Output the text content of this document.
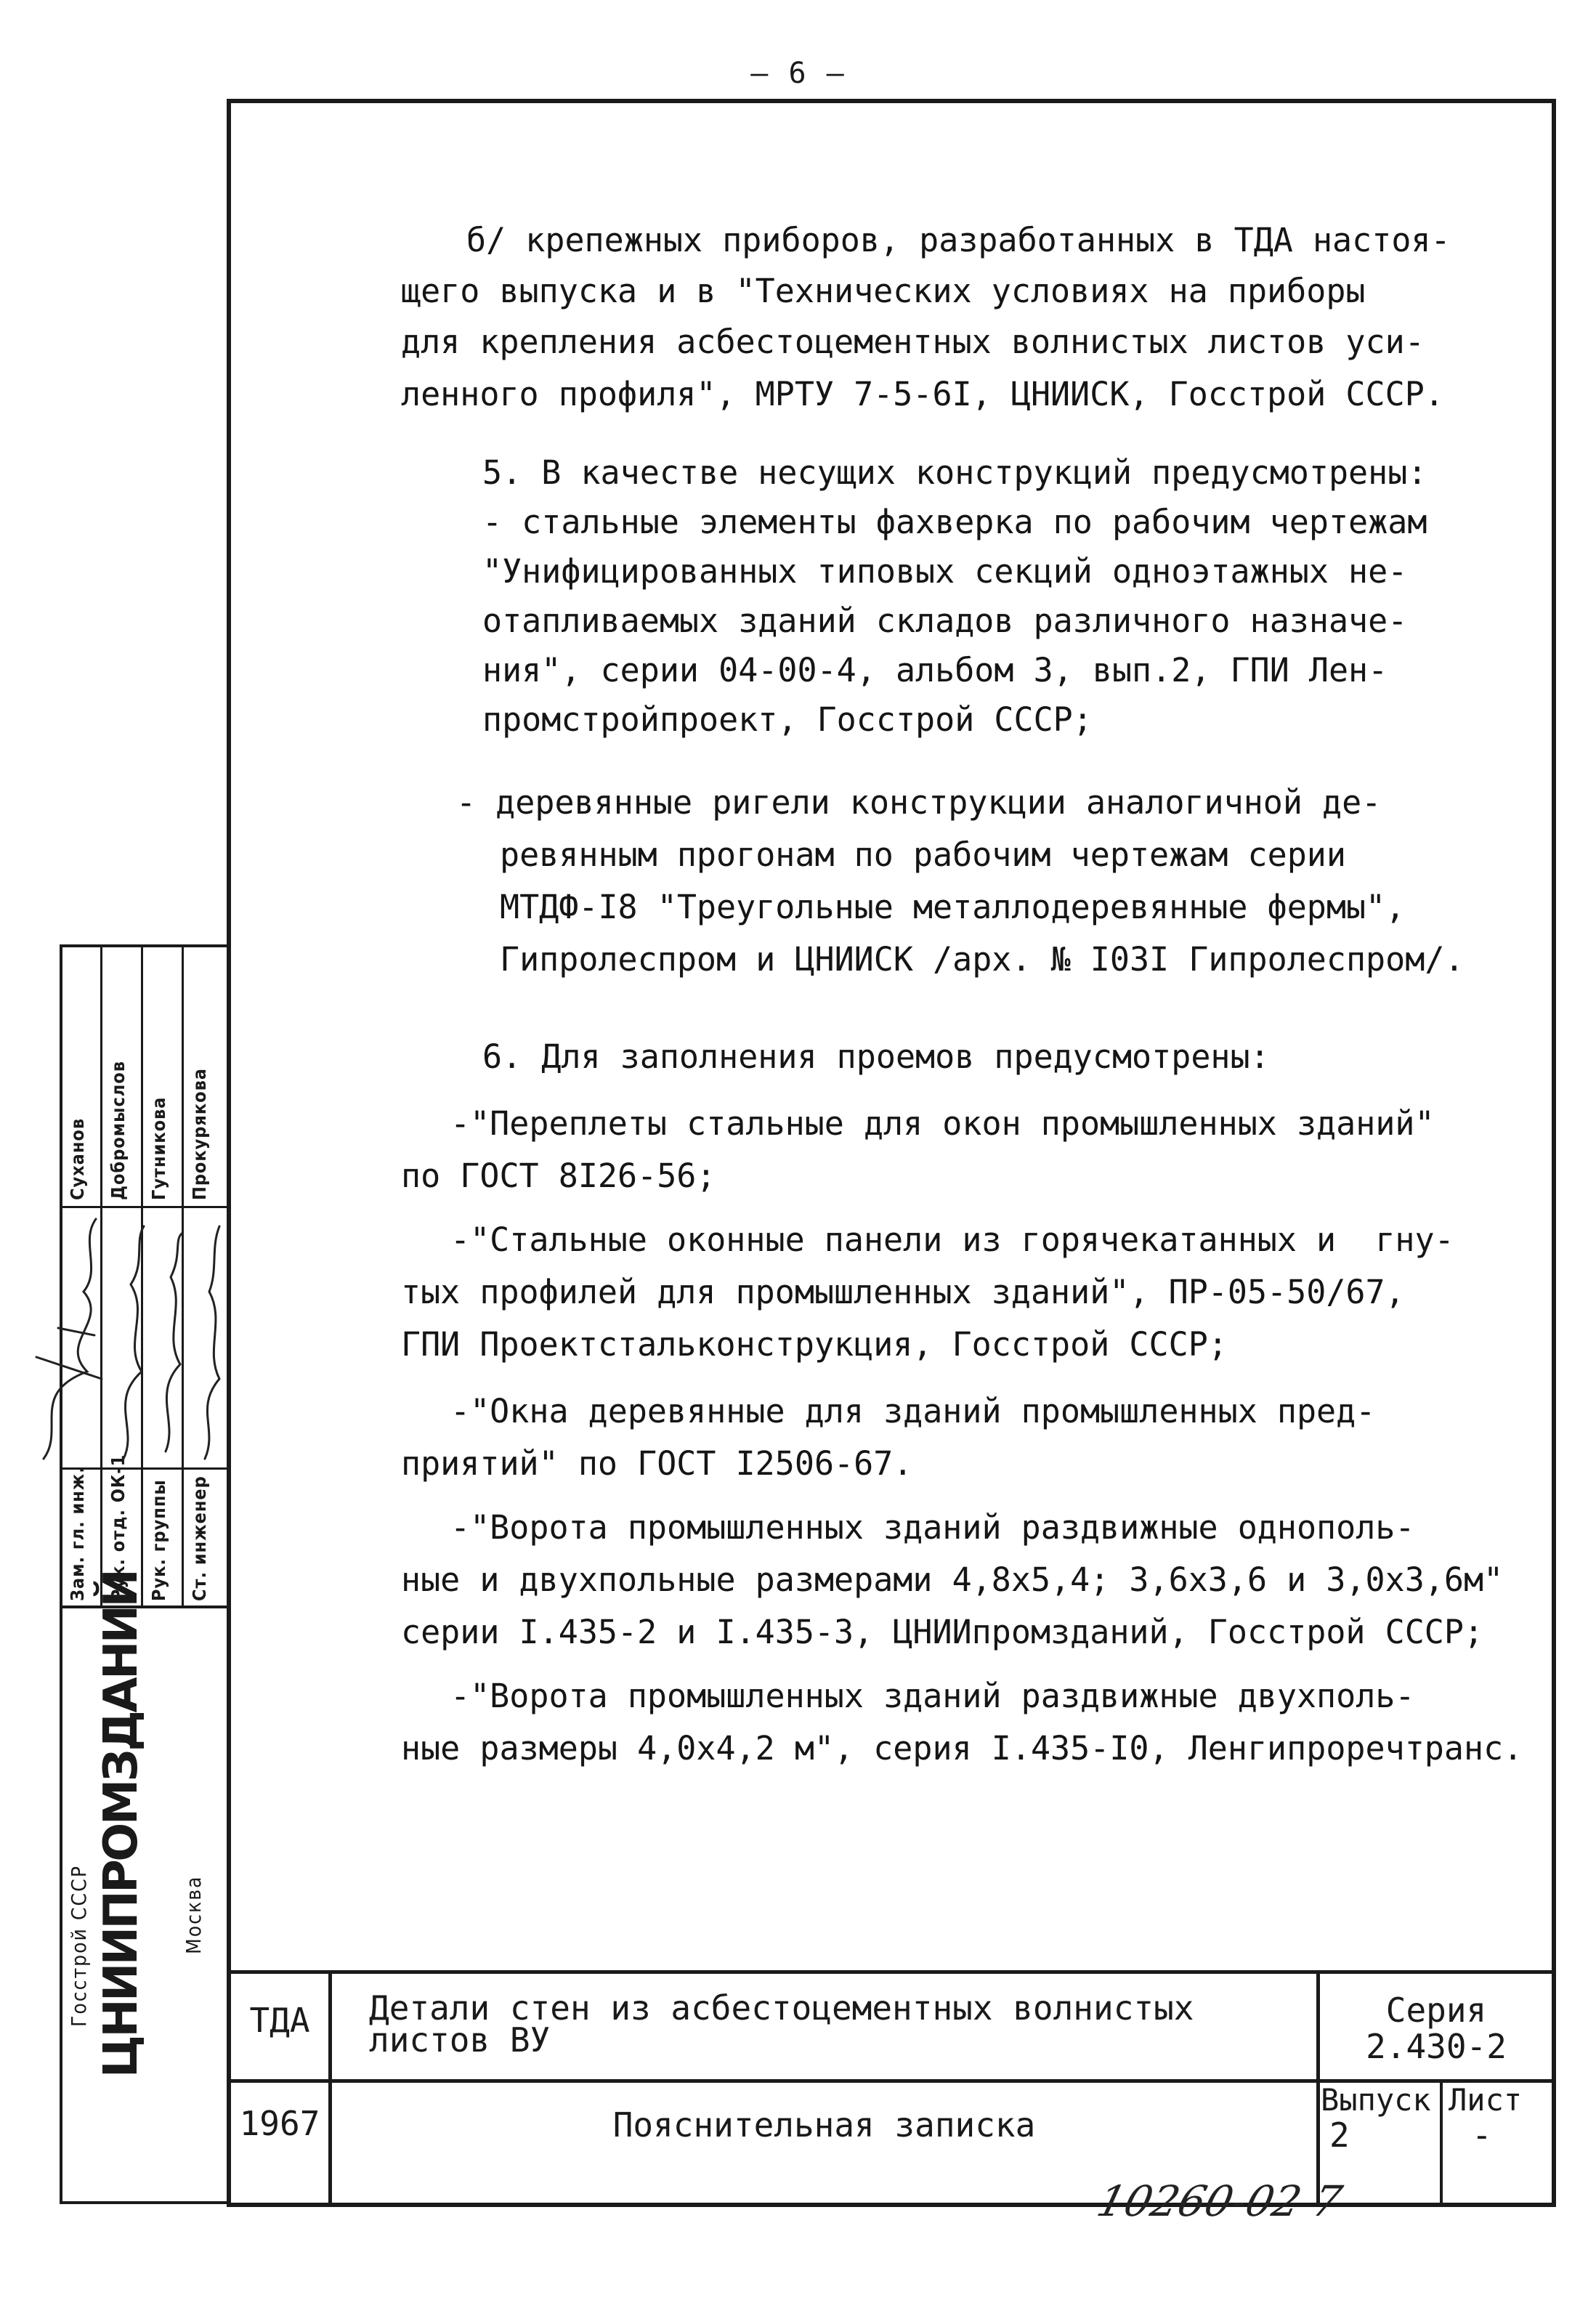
— 6 —
б/ крепежных приборов, разработанных в ТДА настоя-
щего выпуска и в "Технических условиях на приборы
для крепления асбестоцементных волнистых листов уси-
ленного профиля", МРТУ 7-5-6I, ЦНИИСК, Госстрой СССР.
5. В качестве несущих конструкций предусмотрены:
- стальные элементы фахверка по рабочим чертежам
"Унифицированных типовых секций одноэтажных не-
отапливаемых зданий складов различного назначе-
ния", серии 04-00-4, альбом 3, вып.2, ГПИ Лен-
промстройпроект, Госстрой СССР;
- деревянные ригели конструкции аналогичной де-
ревянным прогонам по рабочим чертежам серии
МТДФ-I8 "Треугольные металлодеревянные фермы",
Гипролеспром и ЦНИИСК /арх. № I03I Гипролеспром/.
6. Для заполнения проемов предусмотрены:
-"Переплеты стальные для окон промышленных зданий"
по ГОСТ 8I26-56;
-"Стальные оконные панели из горячекатанных и  гну-
тых профилей для промышленных зданий", ПР-05-50/67,
ГПИ Проектстальконструкция, Госстрой СССР;
-"Окна деревянные для зданий промышленных пред-
приятий" по ГОСТ I2506-67.
-"Ворота промышленных зданий раздвижные однополь-
ные и двухпольные размерами 4,8х5,4; 3,6х3,6 и 3,0х3,6м"
серии I.435-2 и I.435-3, ЦНИИпромзданий, Госстрой СССР;
-"Ворота промышленных зданий раздвижные двухполь-
ные размеры 4,0х4,2 м", серия I.435-I0, Ленгипроречтранс.
ТДА	Детали стен из асбестоцементных волнистых
листов ВУ
Серия
2.430-2
1967	Пояснительная записка
Выпуск
2
Лист
-
Зам. гл. инж. Рук. отд. ОК-1 Рук. группы Ст. инженер
Суханов Добромыслов Гутникова Прокурякова
Госстрой СССР ЦНИИПРОМЗДАНИЙ Москва
10260-02 7
